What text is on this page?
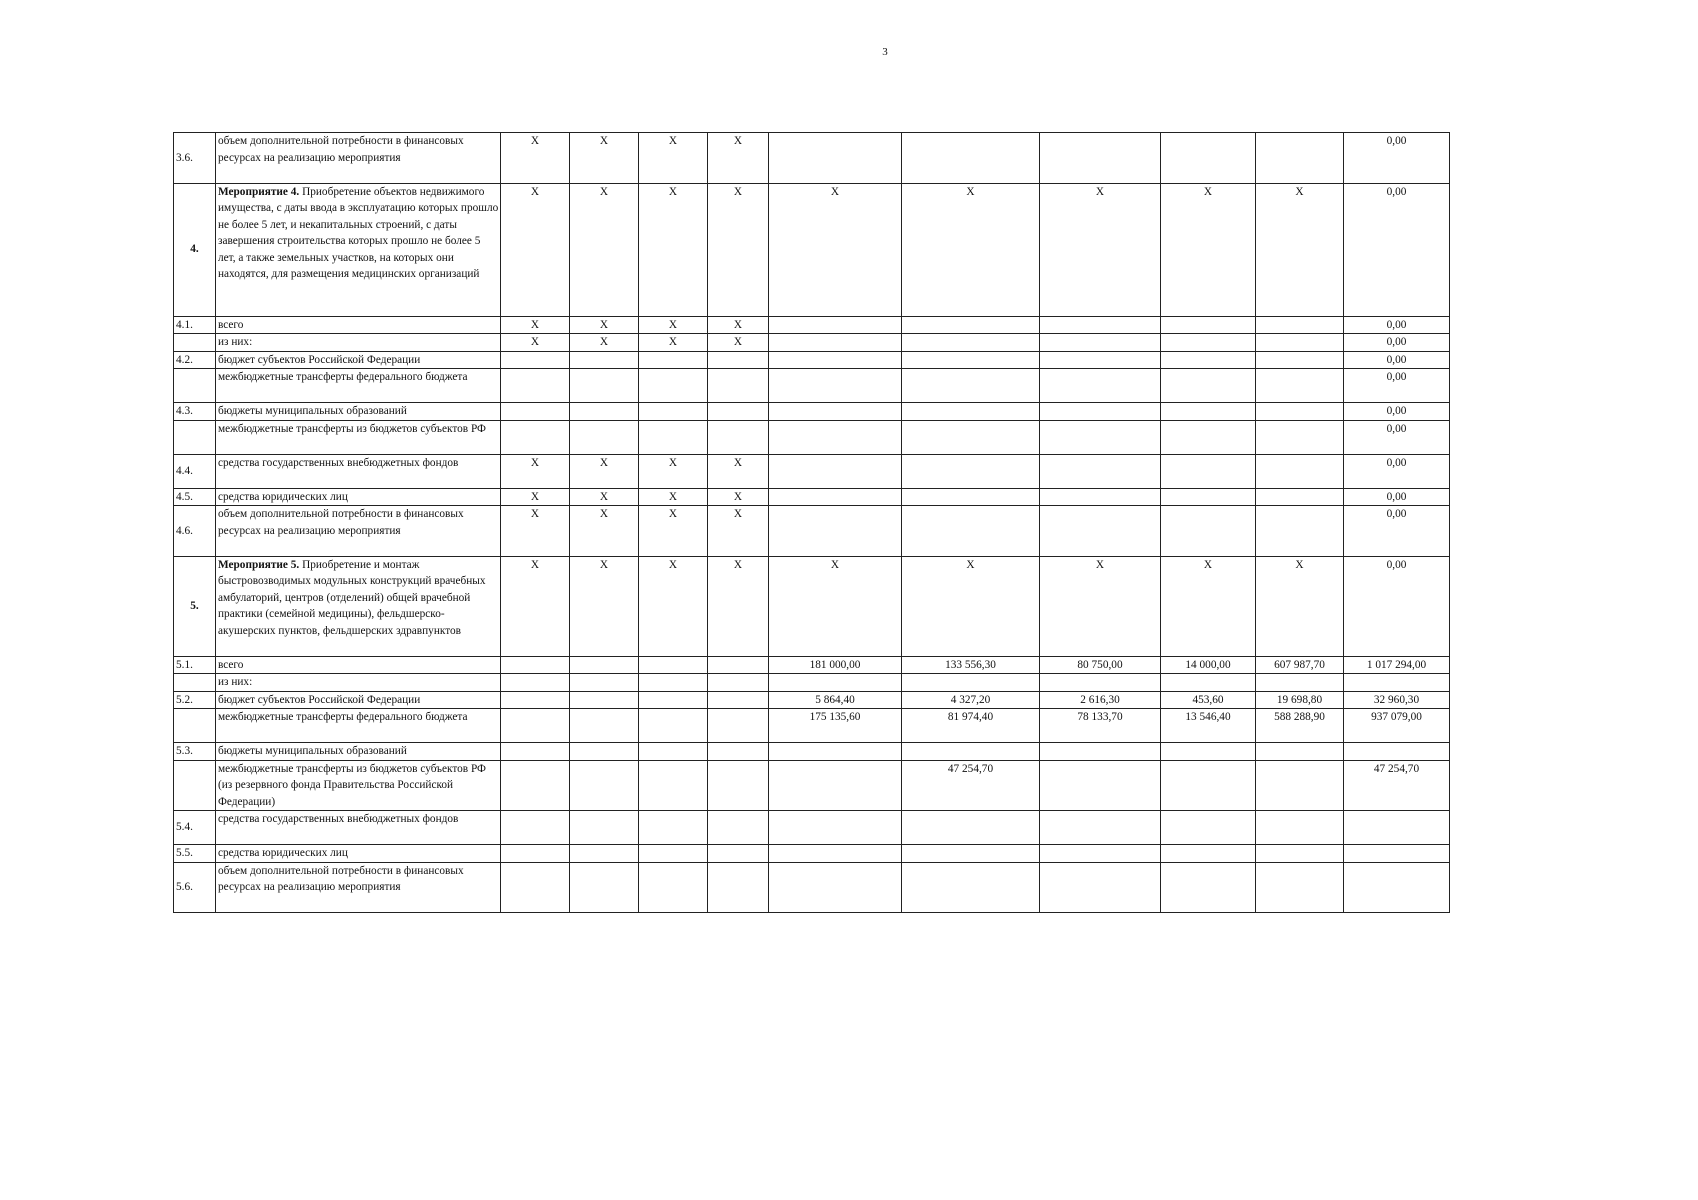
3
3.6.	объем дополнительной потребности в финансовых ресурсах на реализацию мероприятия	X	X	X	X						0,00
4.	Мероприятие 4. Приобретение объектов недвижимого имущества, с даты ввода в эксплуатацию которых прошло не более 5 лет, и некапитальных строений, с даты завершения строительства которых прошло не более 5 лет, а также земельных участков, на которых они находятся, для размещения медицинских организаций	X	X	X	X	X	X	X	X	X	0,00
4.1.	всего	X	X	X	X						0,00
	из них:	X	X	X	X						0,00
4.2.	бюджет субъектов Российской Федерации										0,00
	межбюджетные трансферты федерального бюджета										0,00
4.3.	бюджеты муниципальных образований										0,00
	межбюджетные трансферты из бюджетов субъектов РФ										0,00
4.4.	средства государственных внебюджетных фондов	X	X	X	X						0,00
4.5.	средства юридических лиц	X	X	X	X						0,00
4.6.	объем дополнительной потребности в финансовых ресурсах на реализацию мероприятия	X	X	X	X						0,00
5.	Мероприятие 5. Приобретение и монтаж быстровозводимых модульных конструкций врачебных амбулаторий, центров (отделений) общей врачебной практики (семейной медицины), фельдшерско-акушерских пунктов, фельдшерских здравпунктов	X	X	X	X	X	X	X	X	X	0,00
5.1.	всего					181 000,00	133 556,30	80 750,00	14 000,00	607 987,70	1 017 294,00
	из них:										
5.2.	бюджет субъектов Российской Федерации					5 864,40	4 327,20	2 616,30	453,60	19 698,80	32 960,30
	межбюджетные трансферты федерального бюджета					175 135,60	81 974,40	78 133,70	13 546,40	588 288,90	937 079,00
5.3.	бюджеты муниципальных образований										
	межбюджетные трансферты из бюджетов субъектов РФ (из резервного фонда Правительства Российской Федерации)						47 254,70				47 254,70
5.4.	средства государственных внебюджетных фондов										
5.5.	средства юридических лиц										
5.6.	объем дополнительной потребности в финансовых ресурсах на реализацию мероприятия										
